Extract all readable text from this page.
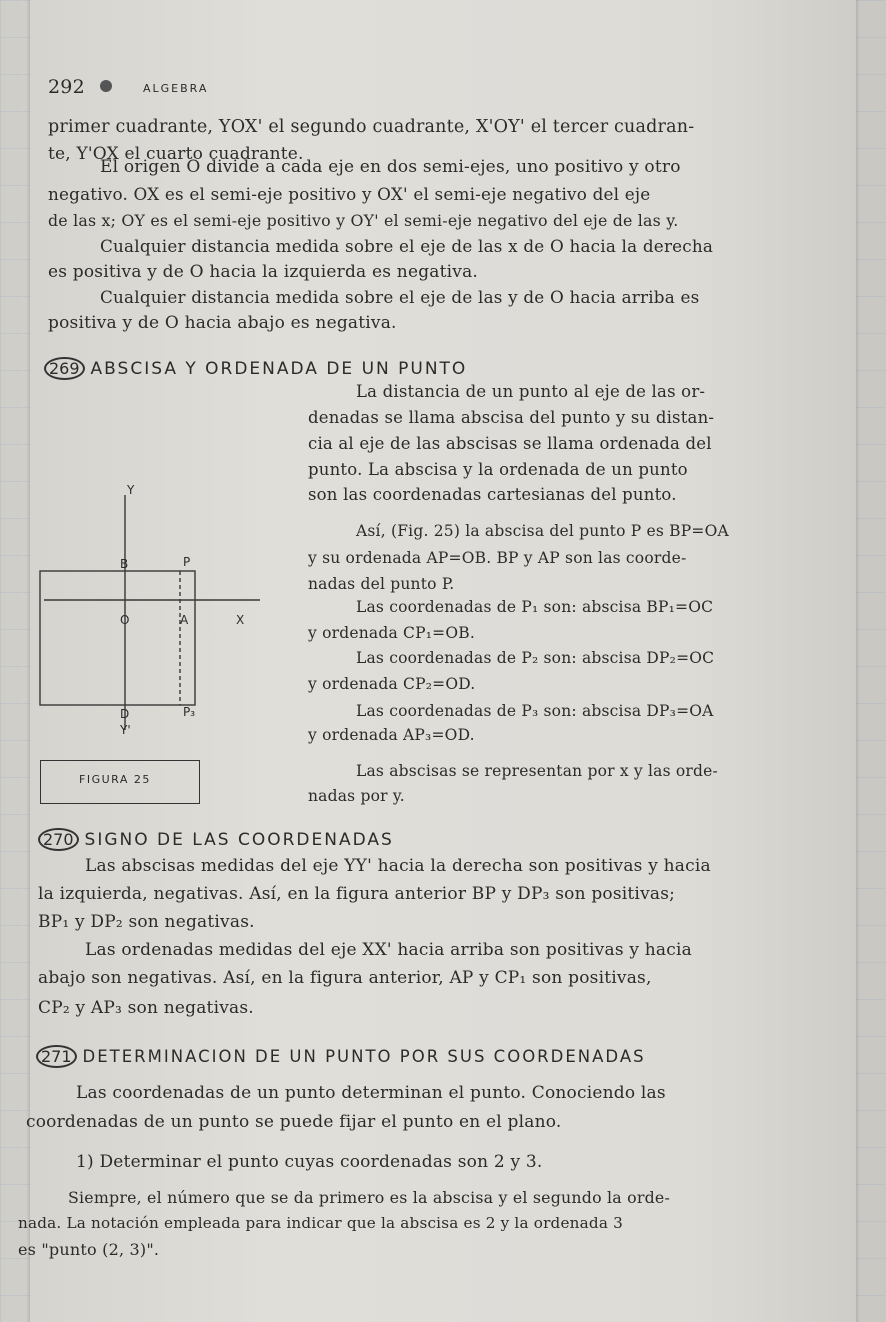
292	ALGEBRA
primer cuadrante, YOX' el segundo cuadrante, X'OY' el tercer cuadran-
te, Y'OX el cuarto cuadrante.
El origen O divide a cada eje en dos semi-ejes, uno positivo y otro
negativo. OX es el semi-eje positivo y OX' el semi-eje negativo del eje
de las x; OY es el semi-eje positivo y OY' el semi-eje negativo del eje de las y.
Cualquier distancia medida sobre el eje de las x de O hacia la derecha
es positiva y de O hacia la izquierda es negativa.
Cualquier distancia medida sobre el eje de las y de O hacia arriba es
positiva y de O hacia abajo es negativa.
269 ABSCISA Y ORDENADA DE UN PUNTO
La distancia de un punto al eje de las or-
denadas se llama abscisa del punto y su distan-
cia al eje de las abscisas se llama ordenada del
punto. La abscisa y la ordenada de un punto
son las coordenadas cartesianas del punto.
Así, (Fig. 25) la abscisa del punto P es BP=OA
y su ordenada AP=OB. BP y AP son las coorde-
nadas del punto P.
Las coordenadas de P₁ son: abscisa BP₁=OC
y ordenada CP₁=OB.
Las coordenadas de P₂ son: abscisa DP₂=OC
y ordenada CP₂=OD.
Las coordenadas de P₃ son: abscisa DP₃=OA
y ordenada AP₃=OD.
Las abscisas se representan por x y las orde-
nadas por y.
Y
B	P
O	A	X
D
Y'
P₃
FIGURA 25
270 SIGNO DE LAS COORDENADAS
Las abscisas medidas del eje YY' hacia la derecha son positivas y hacia
la izquierda, negativas. Así, en la figura anterior BP y DP₃ son positivas;
BP₁ y DP₂ son negativas.
Las ordenadas medidas del eje XX' hacia arriba son positivas y hacia
abajo son negativas. Así, en la figura anterior, AP y CP₁ son positivas,
CP₂ y AP₃ son negativas.
271 DETERMINACION DE UN PUNTO POR SUS COORDENADAS
Las coordenadas de un punto determinan el punto. Conociendo las
coordenadas de un punto se puede fijar el punto en el plano.
1) Determinar el punto cuyas coordenadas son 2 y 3.
Siempre, el número que se da primero es la abscisa y el segundo la orde-
nada. La notación empleada para indicar que la abscisa es 2 y la ordenada 3
es "punto (2, 3)".
